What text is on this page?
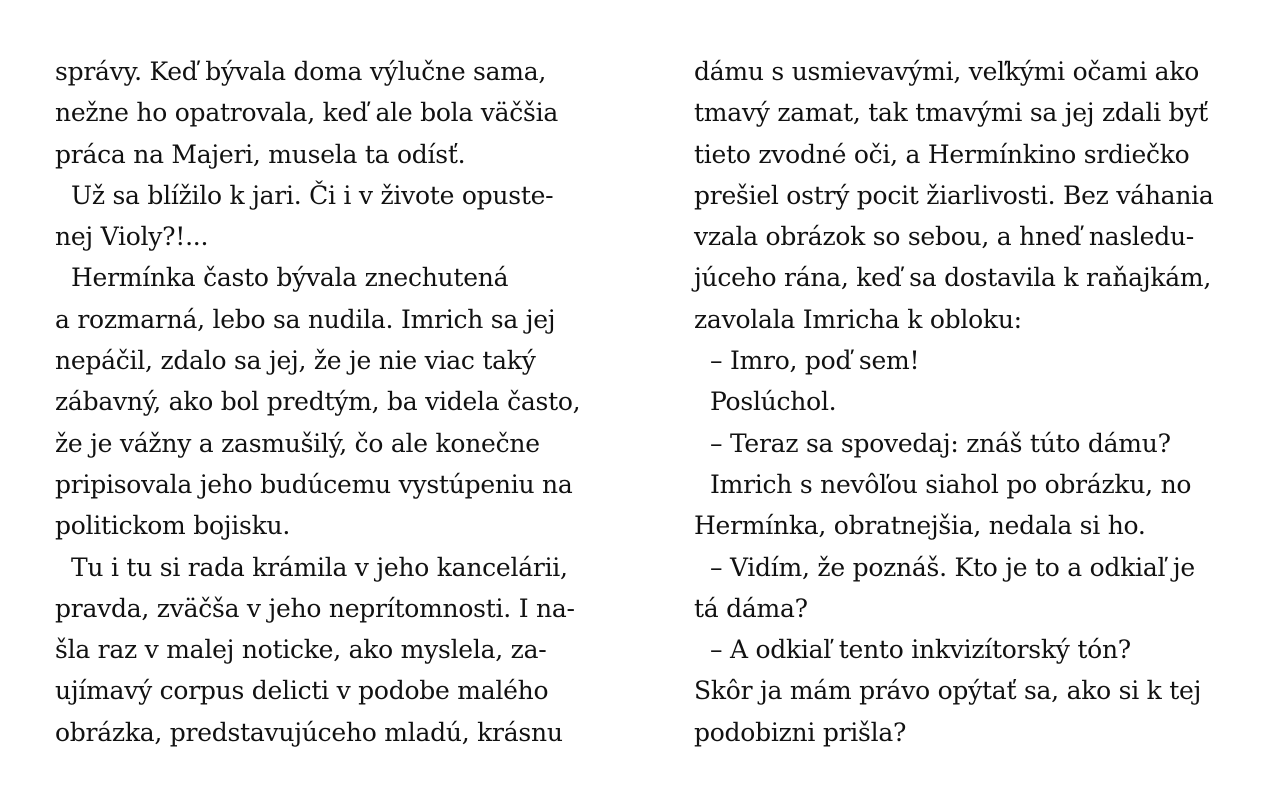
správy. Keď bývala doma výlučne sama,
nežne ho opatrovala, keď ale bola väčšia
práca na Majeri, musela ta odísť.
Už sa blížilo k jari. Či i v živote opuste-
nej Violy?!...
Hermínka často bývala znechutená
a rozmarná, lebo sa nudila. Imrich sa jej
nepáčil, zdalo sa jej, že je nie viac taký
zábavný, ako bol predtým, ba videla často,
že je vážny a zasmušilý, čo ale konečne
pripisovala jeho budúcemu vystúpeniu na
politickom bojisku.
Tu i tu si rada krámila v jeho kancelárii,
pravda, zväčša v jeho neprítomnosti. I na-
šla raz v malej noticke, ako myslela, za-
ujímavý corpus delicti v podobe malého
obrázka, predstavujúceho mladú, krásnu
dámu s usmievavými, veľkými očami ako
tmavý zamat, tak tmavými sa jej zdali byť
tieto zvodné oči, a Hermínkino srdiečko
prešiel ostrý pocit žiarlivosti. Bez váhania
vzala obrázok so sebou, a hneď nasledu-
júceho rána, keď sa dostavila k raňajkám,
zavolala Imricha k obloku:
– Imro, poď sem!
Poslúchol.
– Teraz sa spovedaj: znáš túto dámu?
Imrich s nevôľou siahol po obrázku, no
Hermínka, obratnejšia, nedala si ho.
– Vidím, že poznáš. Kto je to a odkiaľ je
tá dáma?
– A odkiaľ tento inkvizítorský tón?
Skôr ja mám právo opýtať sa, ako si k tej
podobizni prišla?
